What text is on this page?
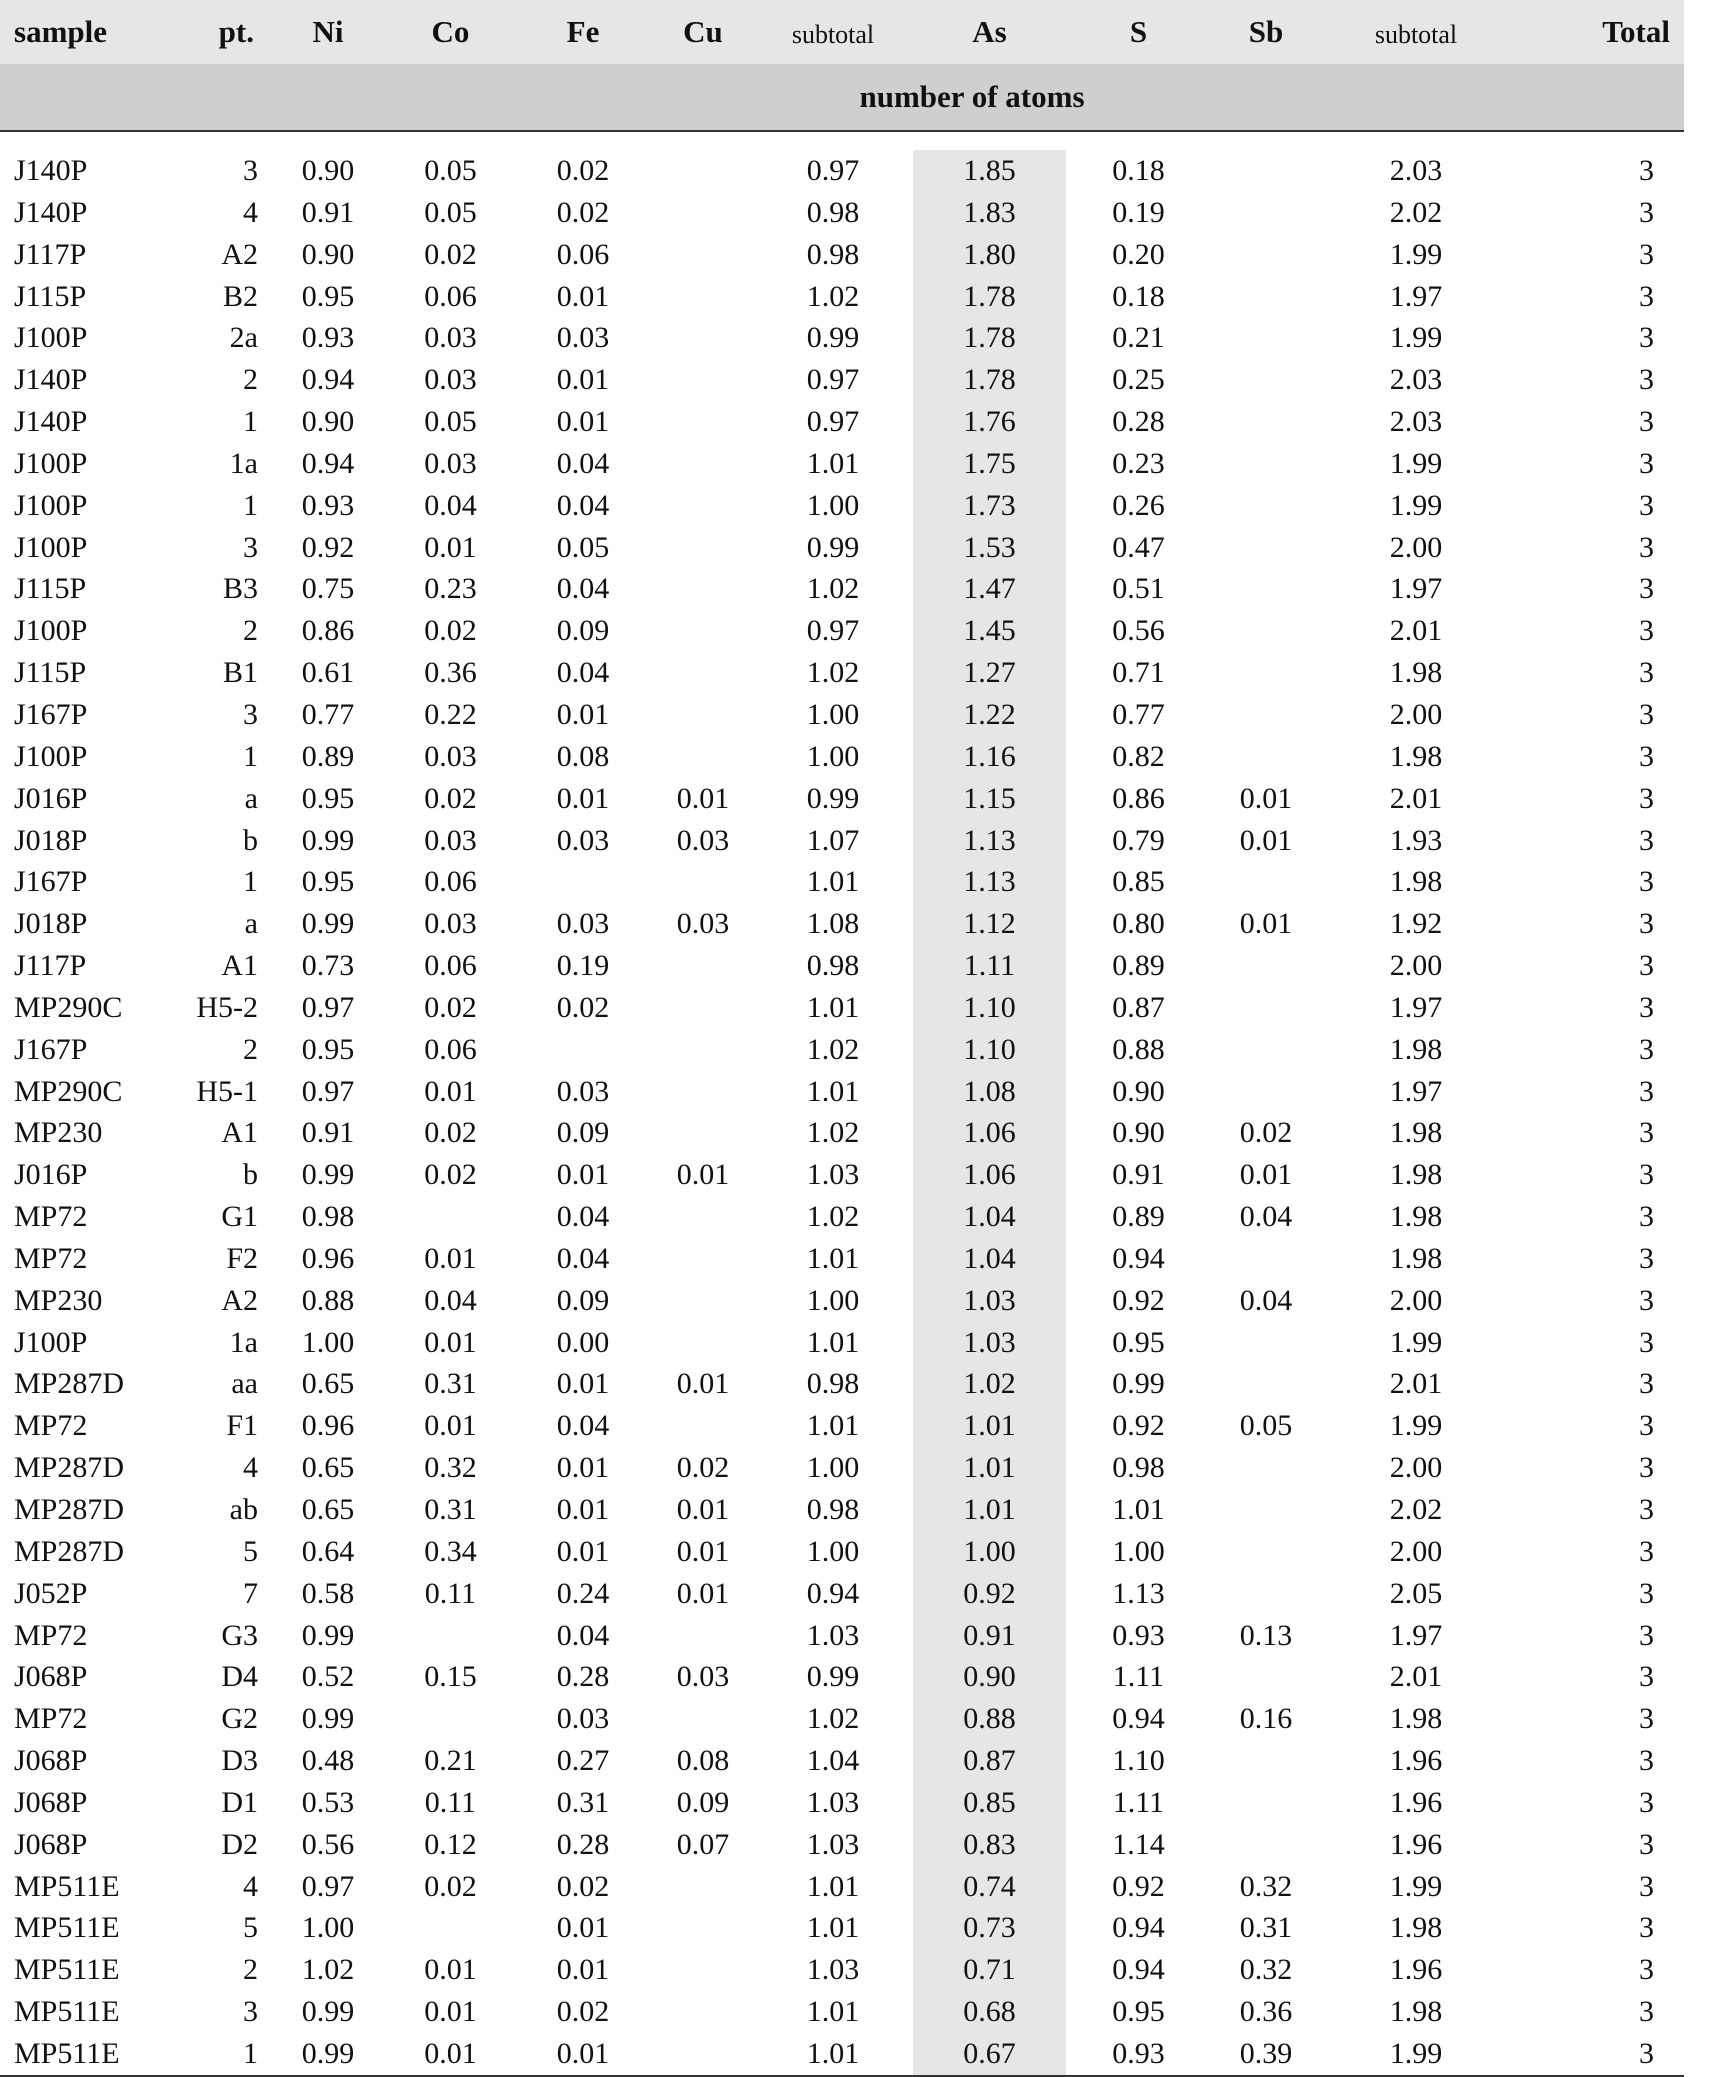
sample	pt.	Ni	Co	Fe	Cu	subtotal	As	S	Sb	subtotal	Total
number of atoms											

J140P	3	0.90	0.05	0.02		0.97	1.85	0.18		2.03	3
J140P	4	0.91	0.05	0.02		0.98	1.83	0.19		2.02	3
J117P	A2	0.90	0.02	0.06		0.98	1.80	0.20		1.99	3
J115P	B2	0.95	0.06	0.01		1.02	1.78	0.18		1.97	3
J100P	2a	0.93	0.03	0.03		0.99	1.78	0.21		1.99	3
J140P	2	0.94	0.03	0.01		0.97	1.78	0.25		2.03	3
J140P	1	0.90	0.05	0.01		0.97	1.76	0.28		2.03	3
J100P	1a	0.94	0.03	0.04		1.01	1.75	0.23		1.99	3
J100P	1	0.93	0.04	0.04		1.00	1.73	0.26		1.99	3
J100P	3	0.92	0.01	0.05		0.99	1.53	0.47		2.00	3
J115P	B3	0.75	0.23	0.04		1.02	1.47	0.51		1.97	3
J100P	2	0.86	0.02	0.09		0.97	1.45	0.56		2.01	3
J115P	B1	0.61	0.36	0.04		1.02	1.27	0.71		1.98	3
J167P	3	0.77	0.22	0.01		1.00	1.22	0.77		2.00	3
J100P	1	0.89	0.03	0.08		1.00	1.16	0.82		1.98	3
J016P	a	0.95	0.02	0.01	0.01	0.99	1.15	0.86	0.01	2.01	3
J018P	b	0.99	0.03	0.03	0.03	1.07	1.13	0.79	0.01	1.93	3
J167P	1	0.95	0.06			1.01	1.13	0.85		1.98	3
J018P	a	0.99	0.03	0.03	0.03	1.08	1.12	0.80	0.01	1.92	3
J117P	A1	0.73	0.06	0.19		0.98	1.11	0.89		2.00	3
MP290C	H5-2	0.97	0.02	0.02		1.01	1.10	0.87		1.97	3
J167P	2	0.95	0.06			1.02	1.10	0.88		1.98	3
MP290C	H5-1	0.97	0.01	0.03		1.01	1.08	0.90		1.97	3
MP230	A1	0.91	0.02	0.09		1.02	1.06	0.90	0.02	1.98	3
J016P	b	0.99	0.02	0.01	0.01	1.03	1.06	0.91	0.01	1.98	3
MP72	G1	0.98		0.04		1.02	1.04	0.89	0.04	1.98	3
MP72	F2	0.96	0.01	0.04		1.01	1.04	0.94		1.98	3
MP230	A2	0.88	0.04	0.09		1.00	1.03	0.92	0.04	2.00	3
J100P	1a	1.00	0.01	0.00		1.01	1.03	0.95		1.99	3
MP287D	aa	0.65	0.31	0.01	0.01	0.98	1.02	0.99		2.01	3
MP72	F1	0.96	0.01	0.04		1.01	1.01	0.92	0.05	1.99	3
MP287D	4	0.65	0.32	0.01	0.02	1.00	1.01	0.98		2.00	3
MP287D	ab	0.65	0.31	0.01	0.01	0.98	1.01	1.01		2.02	3
MP287D	5	0.64	0.34	0.01	0.01	1.00	1.00	1.00		2.00	3
J052P	7	0.58	0.11	0.24	0.01	0.94	0.92	1.13		2.05	3
MP72	G3	0.99		0.04		1.03	0.91	0.93	0.13	1.97	3
J068P	D4	0.52	0.15	0.28	0.03	0.99	0.90	1.11		2.01	3
MP72	G2	0.99		0.03		1.02	0.88	0.94	0.16	1.98	3
J068P	D3	0.48	0.21	0.27	0.08	1.04	0.87	1.10		1.96	3
J068P	D1	0.53	0.11	0.31	0.09	1.03	0.85	1.11		1.96	3
J068P	D2	0.56	0.12	0.28	0.07	1.03	0.83	1.14		1.96	3
MP511E	4	0.97	0.02	0.02		1.01	0.74	0.92	0.32	1.99	3
MP511E	5	1.00		0.01		1.01	0.73	0.94	0.31	1.98	3
MP511E	2	1.02	0.01	0.01		1.03	0.71	0.94	0.32	1.96	3
MP511E	3	0.99	0.01	0.02		1.01	0.68	0.95	0.36	1.98	3
MP511E	1	0.99	0.01	0.01		1.01	0.67	0.93	0.39	1.99	3
